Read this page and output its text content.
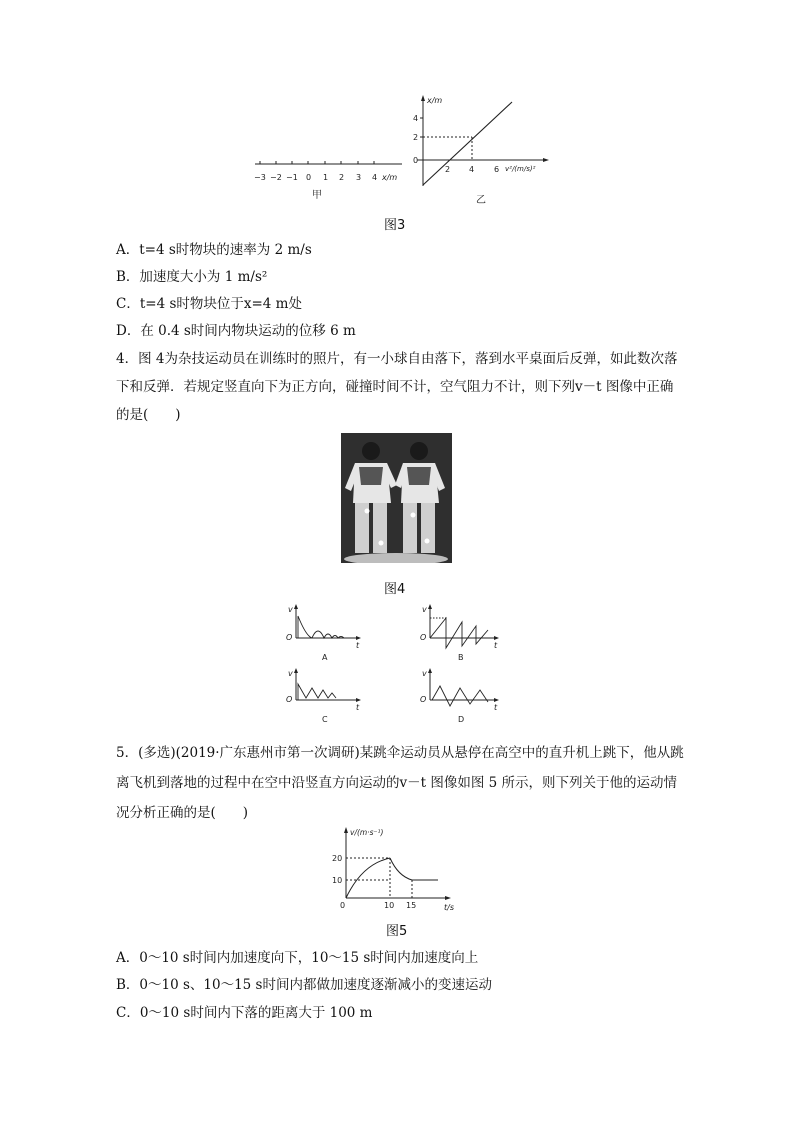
−3 −2 −1 0 1 2 3 4 x/m
甲
x/m
4
2
0
2 4 6 v²/(m/s)²
乙
图3
A．t=4 s时物块的速率为 2 m/s
B．加速度大小为 1 m/s²
C．t=4 s时物块位于x=4 m处
D．在 0.4 s时间内物块运动的位移 6 m
4．图 4为杂技运动员在训练时的照片，有一小球自由落下，落到水平桌面后反弹，如此数次落下和反弹．若规定竖直向下为正方向，碰撞时间不计，空气阻力不计，则下列v－t 图像中正确的是(　　)
图4
v
O
t
A
v
O
t
B
v
O
t
C
v
O
t
D
5．(多选)(2019·广东惠州市第一次调研)某跳伞运动员从悬停在高空中的直升机上跳下，他从跳离飞机到落地的过程中在空中沿竖直方向运动的v－t 图像如图 5 所示，则下列关于他的运动情况分析正确的是(　　)
v/(m·s⁻¹)
20
10
0	10 15	t/s
图5
A．0～10 s时间内加速度向下，10～15 s时间内加速度向上
B．0～10 s、10～15 s时间内都做加速度逐渐减小的变速运动
C．0～10 s时间内下落的距离大于 100 m
